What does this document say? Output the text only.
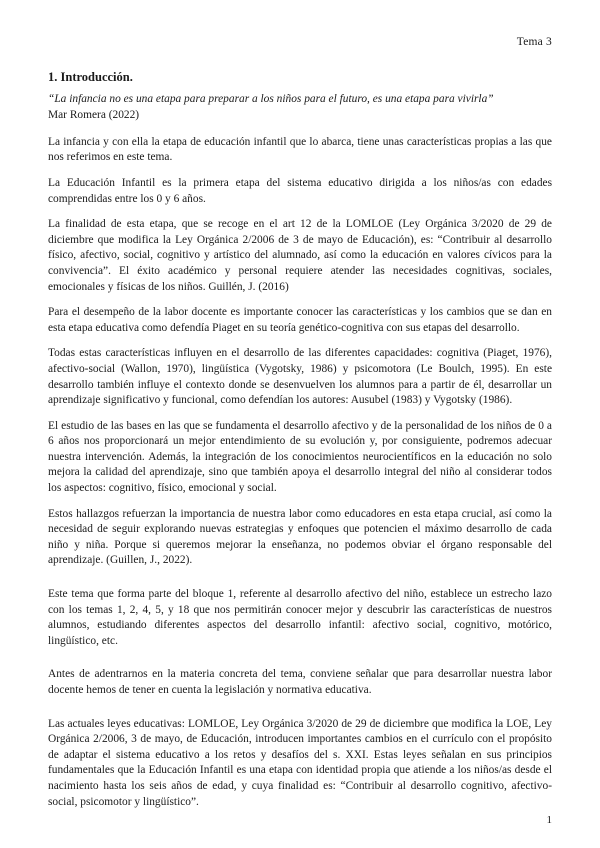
Tema 3
1. Introducción.

“La infancia no es una etapa para preparar a los niños para el futuro, es una etapa para vivirla”

Mar Romera (2022)

La infancia y con ella la etapa de educación infantil que lo abarca, tiene unas características propias a las que nos referimos en este tema.

La Educación Infantil es la primera etapa del sistema educativo dirigida a los niños/as con edades comprendidas entre los 0 y 6 años.

La finalidad de esta etapa, que se recoge en el art 12 de la LOMLOE (Ley Orgánica 3/2020 de 29 de diciembre que modifica la Ley Orgánica 2/2006 de 3 de mayo de Educación), es: “Contribuir al desarrollo físico, afectivo, social, cognitivo y artístico del alumnado, así como la educación en valores cívicos para la convivencia”. El éxito académico y personal requiere atender las necesidades cognitivas, sociales, emocionales y físicas de los niños. Guillén, J. (2016)

Para el desempeño de la labor docente es importante conocer las características y los cambios que se dan en esta etapa educativa como defendía Piaget en su teoría genético-cognitiva con sus etapas del desarrollo.

Todas estas características influyen en el desarrollo de las diferentes capacidades: cognitiva (Piaget, 1976), afectivo-social (Wallon, 1970), lingüística (Vygotsky, 1986) y psicomotora (Le Boulch, 1995). En este desarrollo también influye el contexto donde se desenvuelven los alumnos para a partir de él, desarrollar un aprendizaje significativo y funcional, como defendían los autores: Ausubel (1983) y Vygotsky (1986).

El estudio de las bases en las que se fundamenta el desarrollo afectivo y de la personalidad de los niños de 0 a 6 años nos proporcionará un mejor entendimiento de su evolución y, por consiguiente, podremos adecuar nuestra intervención. Además, la integración de los conocimientos neurocientíficos en la educación no solo mejora la calidad del aprendizaje, sino que también apoya el desarrollo integral del niño al considerar todos los aspectos: cognitivo, físico, emocional y social.

Estos hallazgos refuerzan la importancia de nuestra labor como educadores en esta etapa crucial, así como la necesidad de seguir explorando nuevas estrategias y enfoques que potencien el máximo desarrollo de cada niño y niña. Porque si queremos mejorar la enseñanza, no podemos obviar el órgano responsable del aprendizaje. (Guillen, J., 2022).

Este tema que forma parte del bloque 1, referente al desarrollo afectivo del niño, establece un estrecho lazo con los temas 1, 2, 4, 5, y 18 que nos permitirán conocer mejor y descubrir las características de nuestros alumnos, estudiando diferentes aspectos del desarrollo infantil: afectivo social, cognitivo, motórico, lingüístico, etc.

Antes de adentrarnos en la materia concreta del tema, conviene señalar que para desarrollar nuestra labor docente hemos de tener en cuenta la legislación y normativa educativa.

Las actuales leyes educativas: LOMLOE, Ley Orgánica 3/2020 de 29 de diciembre que modifica la LOE, Ley Orgánica 2/2006, 3 de mayo, de Educación, introducen importantes cambios en el currículo con el propósito de adaptar el sistema educativo a los retos y desafíos del s. XXI. Estas leyes señalan en sus principios fundamentales que la Educación Infantil es una etapa con identidad propia que atiende a los niños/as desde el nacimiento hasta los seis años de edad, y cuya finalidad es: “Contribuir al desarrollo cognitivo, afectivo-social, psicomotor y lingüístico”.

1
